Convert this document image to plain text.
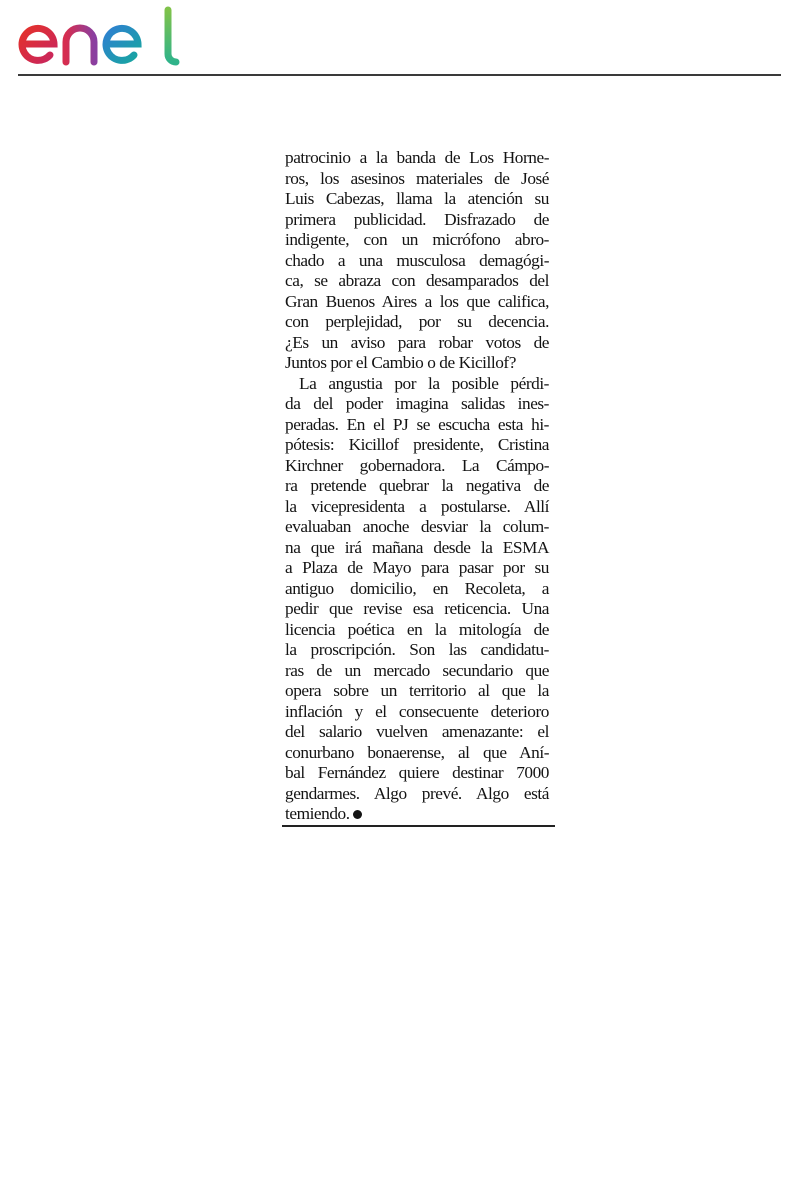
patrocinio a la banda de Los Horne-
ros, los asesinos materiales de José
Luis Cabezas, llama la atención su
primera publicidad. Disfrazado de
indigente, con un micrófono abro-
chado a una musculosa demagógi-
ca, se abraza con desamparados del
Gran Buenos Aires a los que califica,
con perplejidad, por su decencia.
¿Es un aviso para robar votos de
Juntos por el Cambio o de Kicillof?
La angustia por la posible pérdi-
da del poder imagina salidas ines-
peradas. En el PJ se escucha esta hi-
pótesis: Kicillof presidente, Cristina
Kirchner gobernadora. La Cámpo-
ra pretende quebrar la negativa de
la vicepresidenta a postularse. Allí
evaluaban anoche desviar la colum-
na que irá mañana desde la ESMA
a Plaza de Mayo para pasar por su
antiguo domicilio, en Recoleta, a
pedir que revise esa reticencia. Una
licencia poética en la mitología de
la proscripción. Son las candidatu-
ras de un mercado secundario que
opera sobre un territorio al que la
inflación y el consecuente deterioro
del salario vuelven amenazante: el
conurbano bonaerense, al que Aní-
bal Fernández quiere destinar 7000
gendarmes. Algo prevé. Algo está
temiendo.
